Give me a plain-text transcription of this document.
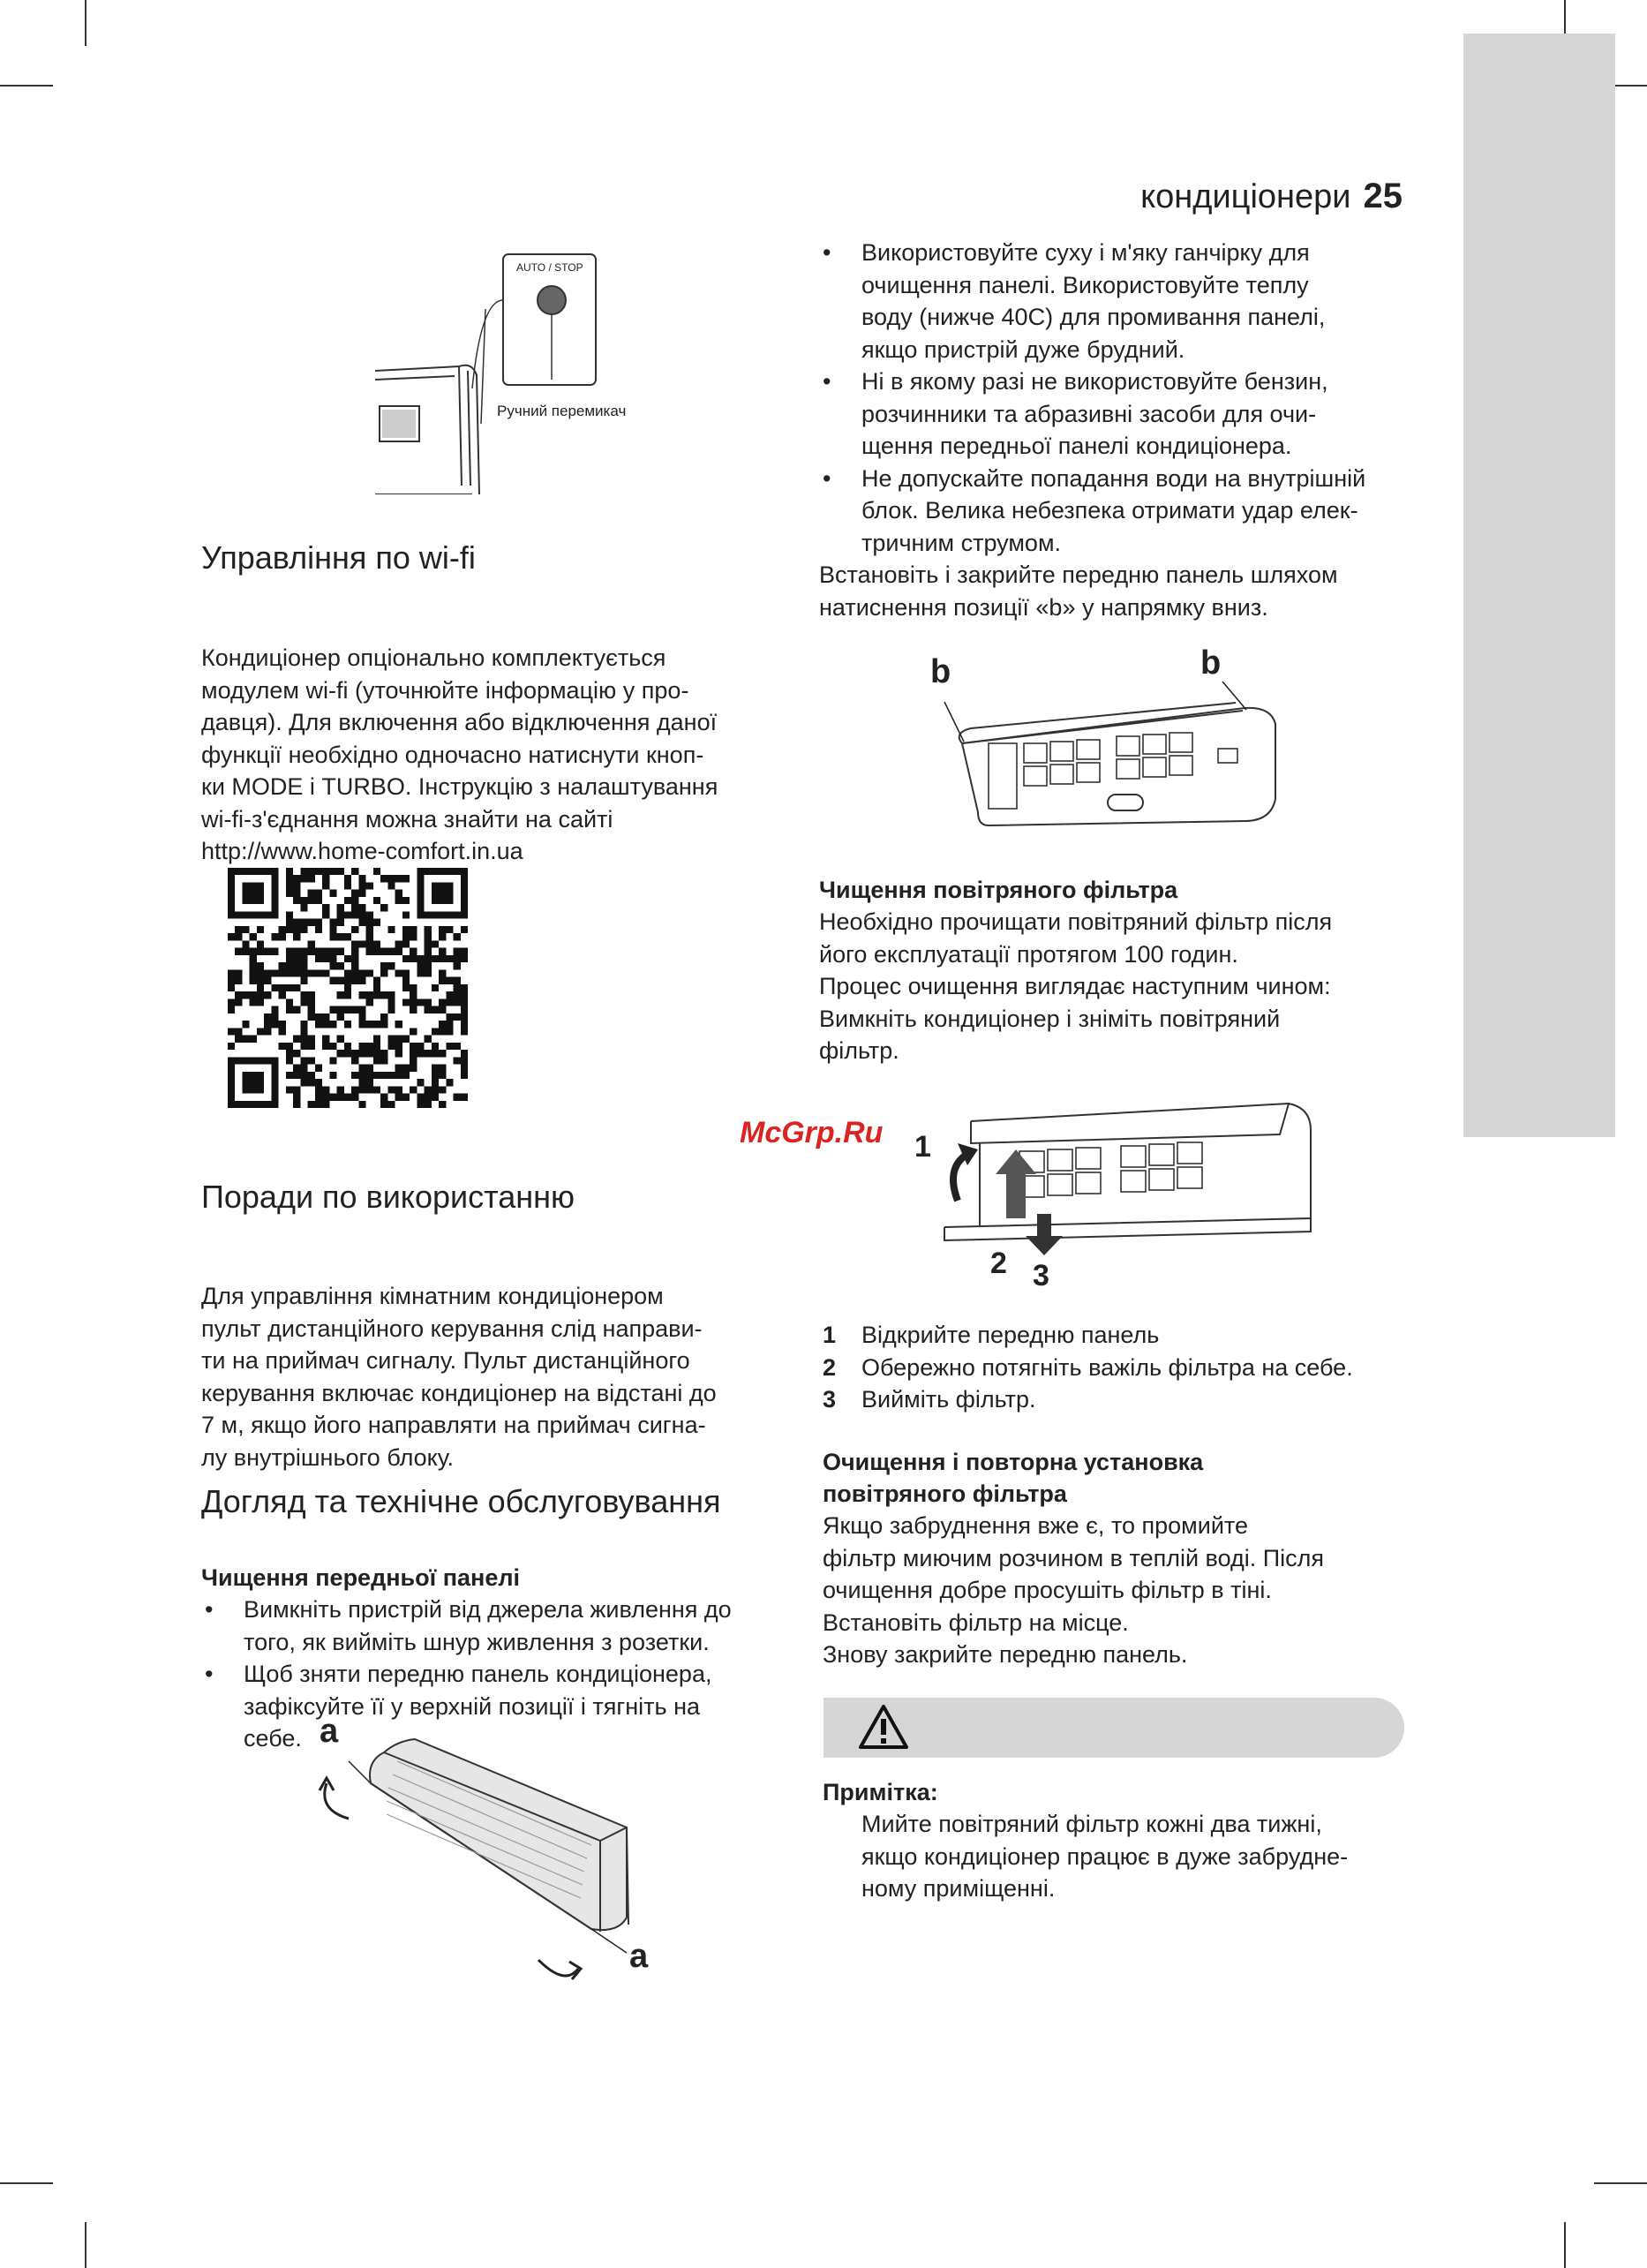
кондиціонери 25
AUTO / STOP
Ручний перемикач
Управління по wi-fi

Кондиціонер опціонально комплектується

модулем wi-fi (уточнюйте інформацію у про-

давця). Для включення або відключення даної

функції необхідно одночасно натиснути кноп-

ки MODE і TURBO. Інструкцію з налаштування

wi-fi-з'єднання можна знайти на сайті

http://www.home-comfort.in.ua

Поради по використанню

Для управління кімнатним кондиціонером

пульт дистанційного керування слід направи-

ти на приймач сигналу. Пульт дистанційного

керування включає кондиціонер на відстані до

7 м, якщо його направляти на приймач сигна-

лу внутрішнього блоку.

Догляд та технічне обслуговування

Чищення передньої панелі

• Вимкніть пристрій від джерела живлення до
того, як вийміть шнур живлення з розетки.
• Щоб зняти передню панель кондиціонера,
зафіксуйте її у верхній позиції і тягніть на
себе. a
a
• Використовуйте суху і м'яку ганчірку для
очищення панелі. Використовуйте теплу
воду (нижче 40С) для промивання панелі,
якщо пристрій дуже брудний.
• Ні в якому разі не використовуйте бензин,
розчинники та абразивні засоби для очи-
щення передньої панелі кондиціонера.
• Не допускайте попадання води на внутрішній
блок. Велика небезпека отримати удар елек-
тричним струмом.

Встановіть і закрийте передню панель шляхом

натиснення позиції «b» у напрямку вниз.

b	b

Чищення повітряного фільтра

Необхідно прочищати повітряний фільтр після

його експлуатації протягом 100 годин.

Процес очищення виглядає наступним чином:

Вимкніть кондиціонер і зніміть повітряний

фільтр.

McGrp.Ru 1
2 3
1 Відкрийте передню панель
2 Обережно потягніть важіль фільтра на себе.
3 Вийміть фільтр.

Очищення і повторна установка

повітряного фільтра

Якщо забруднення вже є, то промийте

фільтр миючим розчином в теплій воді. Після

очищення добре просушіть фільтр в тіні.

Встановіть фільтр на місце.

Знову закрийте передню панель.

Примітка:

Мийте повітряний фільтр кожні два тижні,

якщо кондиціонер працює в дуже забрудне-

ному приміщенні.
